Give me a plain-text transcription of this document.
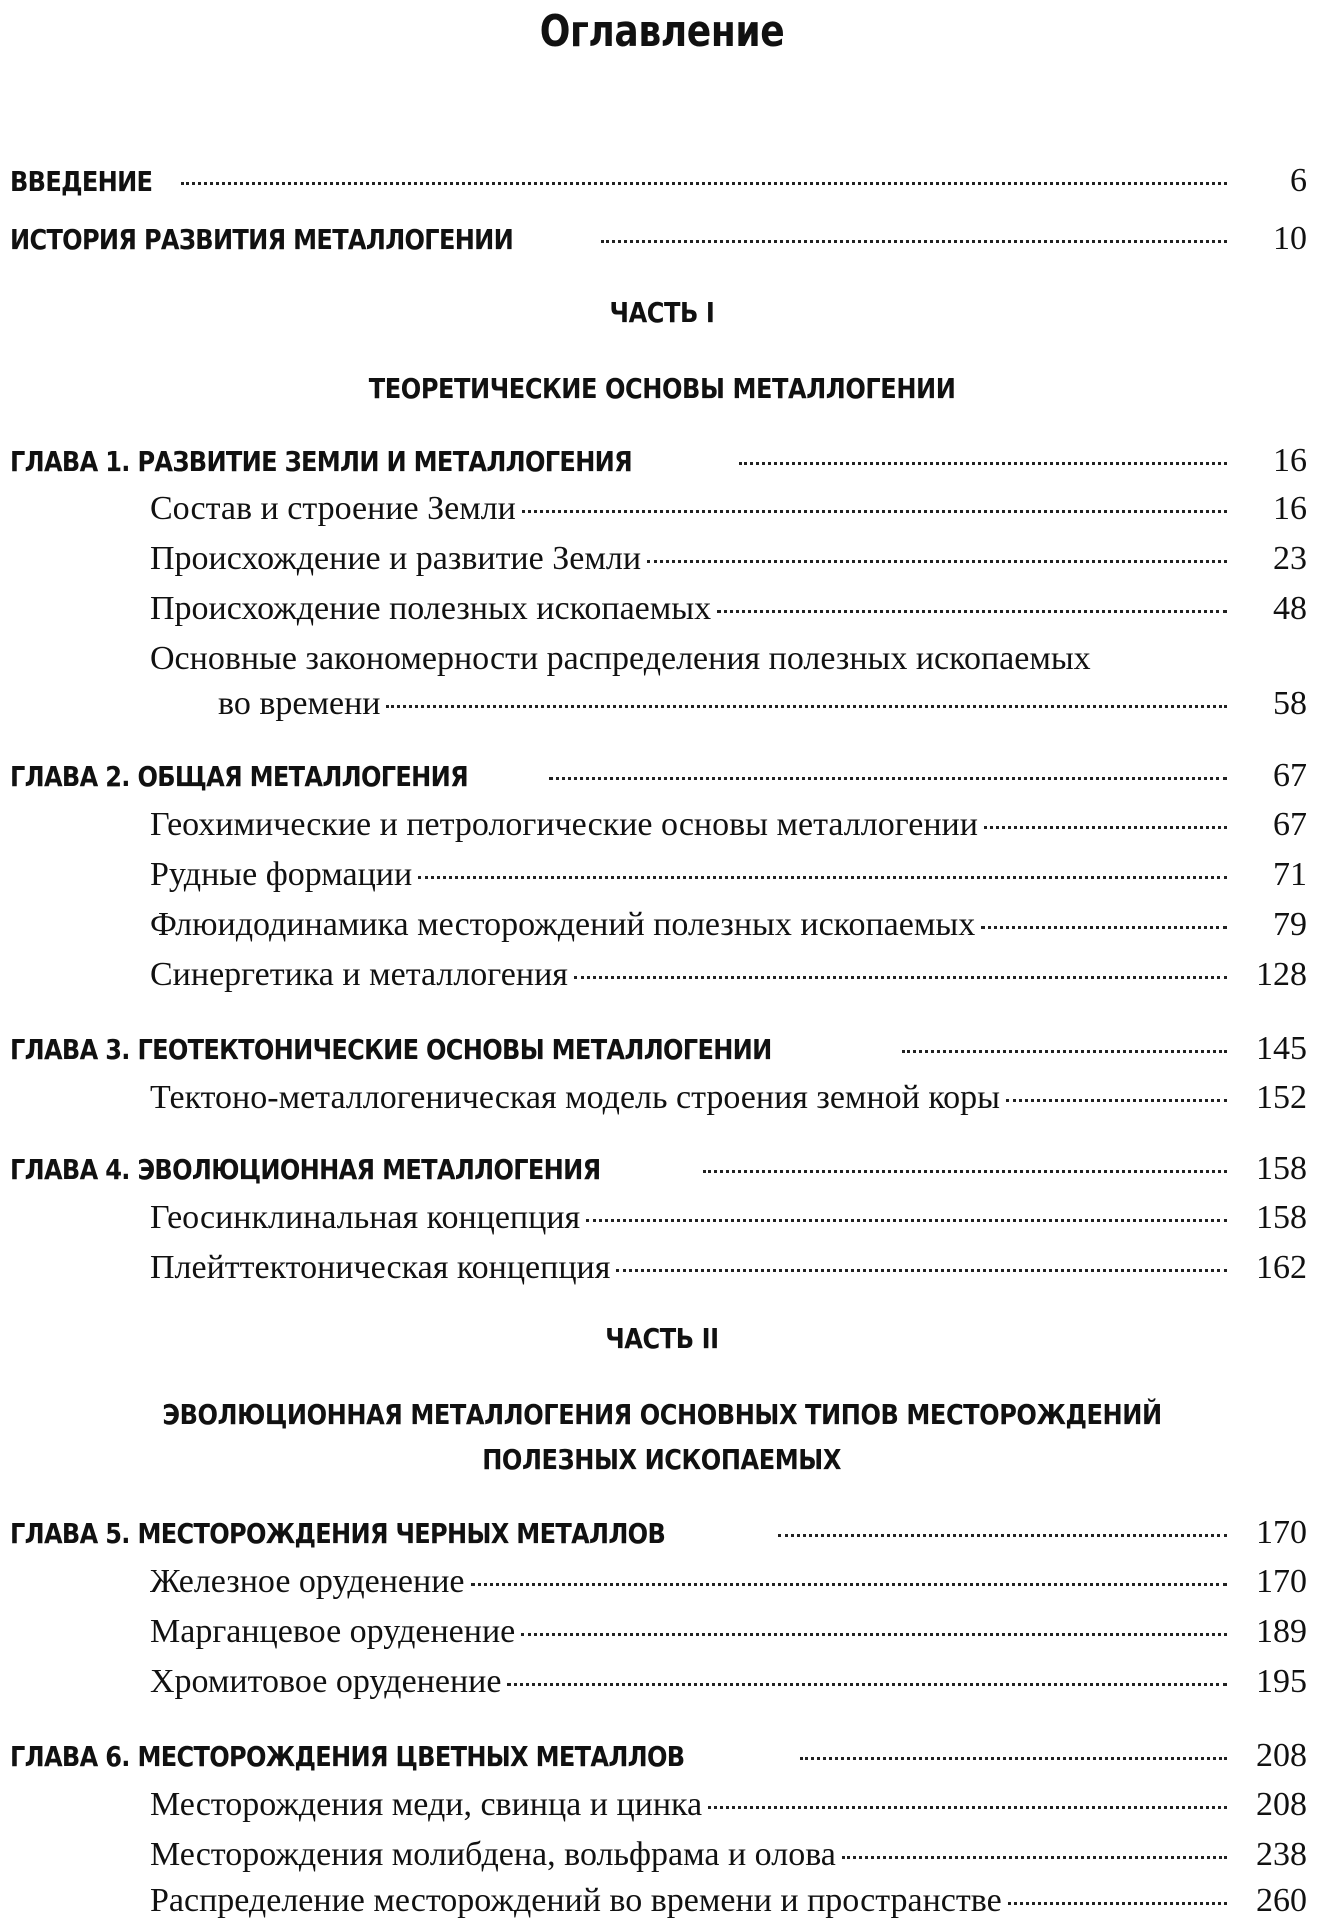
Оглавление
ВВЕДЕНИЕ	6
ИСТОРИЯ РАЗВИТИЯ МЕТАЛЛОГЕНИИ	10
ЧАСТЬ I
ТЕОРЕТИЧЕСКИЕ ОСНОВЫ МЕТАЛЛОГЕНИИ
ГЛАВА 1. РАЗВИТИЕ ЗЕМЛИ И МЕТАЛЛОГЕНИЯ	16
Состав и строение Земли	16
Происхождение и развитие Земли	23
Происхождение полезных ископаемых	48
Основные закономерности распределения полезных ископаемых
во времени	58
ГЛАВА 2. ОБЩАЯ МЕТАЛЛОГЕНИЯ	67
Геохимические и петрологические основы металлогении	67
Рудные формации	71
Флюидодинамика месторождений полезных ископаемых	79
Синергетика и металлогения	128
ГЛАВА 3. ГЕОТЕКТОНИЧЕСКИЕ ОСНОВЫ МЕТАЛЛОГЕНИИ	145
Тектоно-металлогеническая модель строения земной коры	152
ГЛАВА 4. ЭВОЛЮЦИОННАЯ МЕТАЛЛОГЕНИЯ	158
Геосинклинальная концепция	158
Плейттектоническая концепция	162
ЧАСТЬ II
ЭВОЛЮЦИОННАЯ МЕТАЛЛОГЕНИЯ ОСНОВНЫХ ТИПОВ МЕСТОРОЖДЕНИЙ
ПОЛЕЗНЫХ ИСКОПАЕМЫХ
ГЛАВА 5. МЕСТОРОЖДЕНИЯ ЧЕРНЫХ МЕТАЛЛОВ	170
Железное оруденение	170
Марганцевое оруденение	189
Хромитовое оруденение	195
ГЛАВА 6. МЕСТОРОЖДЕНИЯ ЦВЕТНЫХ МЕТАЛЛОВ	208
Месторождения меди, свинца и цинка	208
Месторождения молибдена, вольфрама и олова	238
Распределение месторождений во времени и пространстве	260
